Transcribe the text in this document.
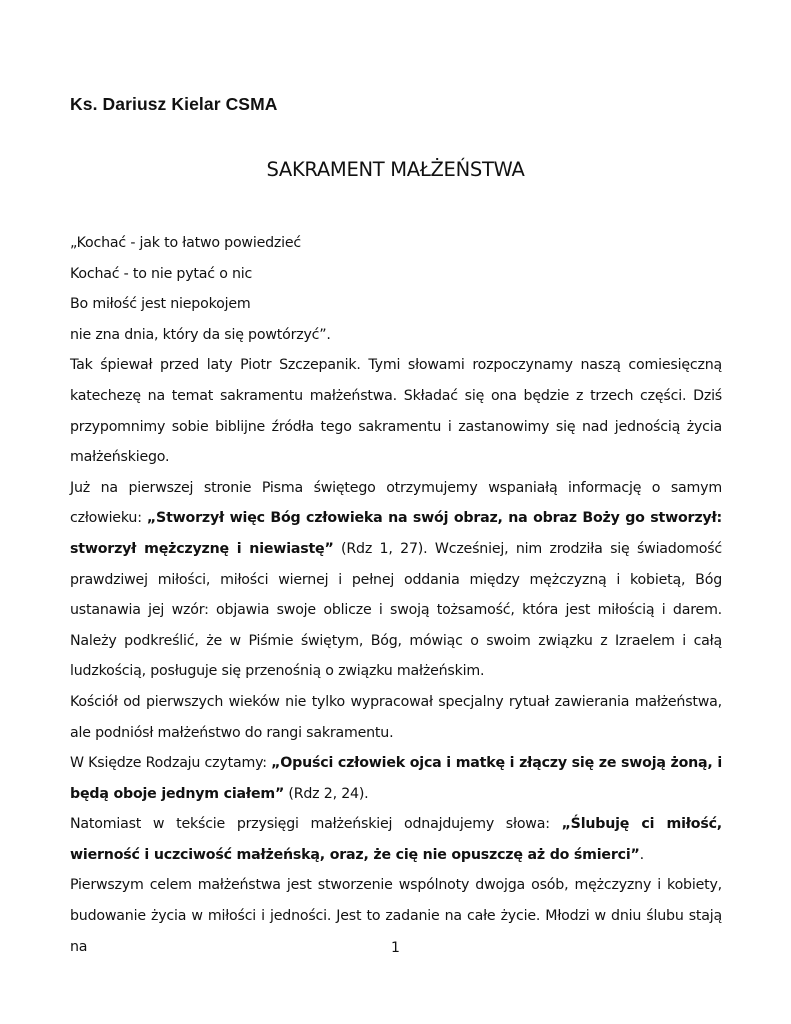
Ks. Dariusz Kielar CSMA
SAKRAMENT MAŁŻEŃSTWA

„Kochać - jak to łatwo powiedzieć

Kochać - to nie pytać o nic

Bo miłość jest niepokojem

nie zna dnia, który da się powtórzyć”.

Tak śpiewał przed laty Piotr Szczepanik. Tymi słowami rozpoczynamy naszą comiesięczną katechezę na temat sakramentu małżeństwa. Składać się ona będzie z trzech części. Dziś przypomnimy sobie biblijne źródła tego sakramentu i zastanowimy się nad jednością życia małżeńskiego.

Już na pierwszej stronie Pisma świętego otrzymujemy wspaniałą informację o samym człowieku: „Stworzył więc Bóg człowieka na swój obraz, na obraz Boży go stworzył: stworzył mężczyznę i niewiastę” (Rdz 1, 27). Wcześniej, nim zrodziła się świadomość prawdziwej miłości, miłości wiernej i pełnej oddania między mężczyzną i kobietą, Bóg ustanawia jej wzór: objawia swoje oblicze i swoją tożsamość, która jest miłością i darem. Należy podkreślić, że w Piśmie świętym, Bóg, mówiąc o swoim związku z Izraelem i całą ludzkością, posługuje się przenośnią o związku małżeńskim.

Kościół od pierwszych wieków nie tylko wypracował specjalny rytuał zawierania małżeństwa, ale podniósł małżeństwo do rangi sakramentu.

W Księdze Rodzaju czytamy: „Opuści człowiek ojca i matkę i złączy się ze swoją żoną, i będą oboje jednym ciałem” (Rdz 2, 24).

Natomiast w tekście przysięgi małżeńskiej odnajdujemy słowa: „Ślubuję ci miłość, wierność i uczciwość małżeńską, oraz, że cię nie opuszczę aż do śmierci”.

Pierwszym celem małżeństwa jest stworzenie wspólnoty dwojga osób, mężczyzny i kobiety, budowanie życia w miłości i jedności. Jest to zadanie na całe życie. Młodzi w dniu ślubu stają na	1
